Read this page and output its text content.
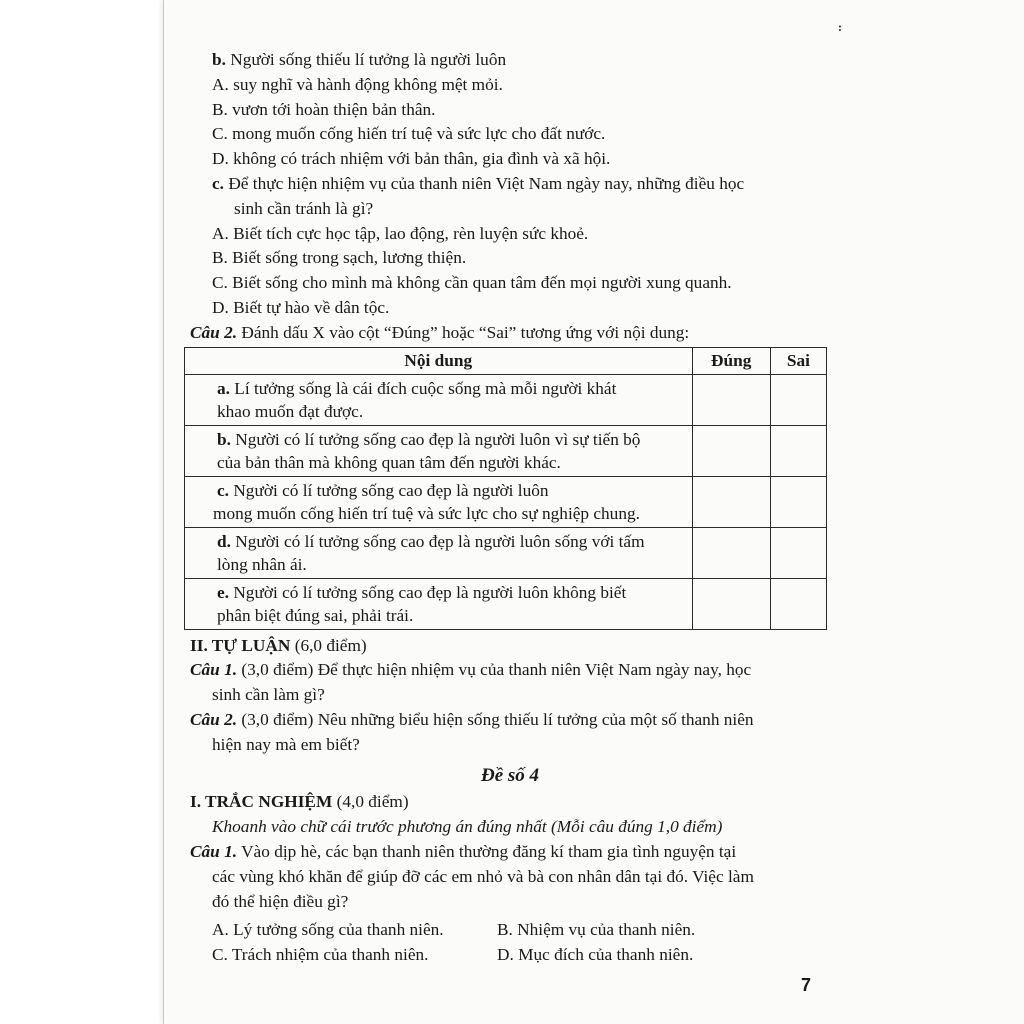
:
b. Người sống thiếu lí tưởng là người luôn
A. suy nghĩ và hành động không mệt mỏi.
B. vươn tới hoàn thiện bản thân.
C. mong muốn cống hiến trí tuệ và sức lực cho đất nước.
D. không có trách nhiệm với bản thân, gia đình và xã hội.
c. Để thực hiện nhiệm vụ của thanh niên Việt Nam ngày nay, những điều học
sinh cần tránh là gì?
A. Biết tích cực học tập, lao động, rèn luyện sức khoẻ.
B. Biết sống trong sạch, lương thiện.
C. Biết sống cho mình mà không cần quan tâm đến mọi người xung quanh.
D. Biết tự hào về dân tộc.
Câu 2. Đánh dấu X vào cột “Đúng” hoặc “Sai” tương ứng với nội dung:
Nội dung	Đúng	Sai

a. Lí tưởng sống là cái đích cuộc sống mà mỗi người khát
khao muốn đạt được.		

b. Người có lí tưởng sống cao đẹp là người luôn vì sự tiến bộ
của bản thân mà không quan tâm đến người khác.		

c. Người có lí tưởng sống cao đẹp là người luôn
mong muốn cống hiến trí tuệ và sức lực cho sự nghiệp chung.		

d. Người có lí tưởng sống cao đẹp là người luôn sống với tấm
lòng nhân ái.		

e. Người có lí tưởng sống cao đẹp là người luôn không biết
phân biệt đúng sai, phải trái.		

II. TỰ LUẬN (6,0 điểm)
Câu 1. (3,0 điểm) Để thực hiện nhiệm vụ của thanh niên Việt Nam ngày nay, học
sinh cần làm gì?
Câu 2. (3,0 điểm) Nêu những biểu hiện sống thiếu lí tưởng của một số thanh niên
hiện nay mà em biết?
Đề số 4
I. TRẮC NGHIỆM (4,0 điểm)
Khoanh vào chữ cái trước phương án đúng nhất (Mỗi câu đúng 1,0 điểm)
Câu 1. Vào dịp hè, các bạn thanh niên thường đăng kí tham gia tình nguyện tại
các vùng khó khăn để giúp đỡ các em nhỏ và bà con nhân dân tại đó. Việc làm
đó thể hiện điều gì?
A. Lý tưởng sống của thanh niên.	B. Nhiệm vụ của thanh niên.
C. Trách nhiệm của thanh niên.	D. Mục đích của thanh niên.
7
